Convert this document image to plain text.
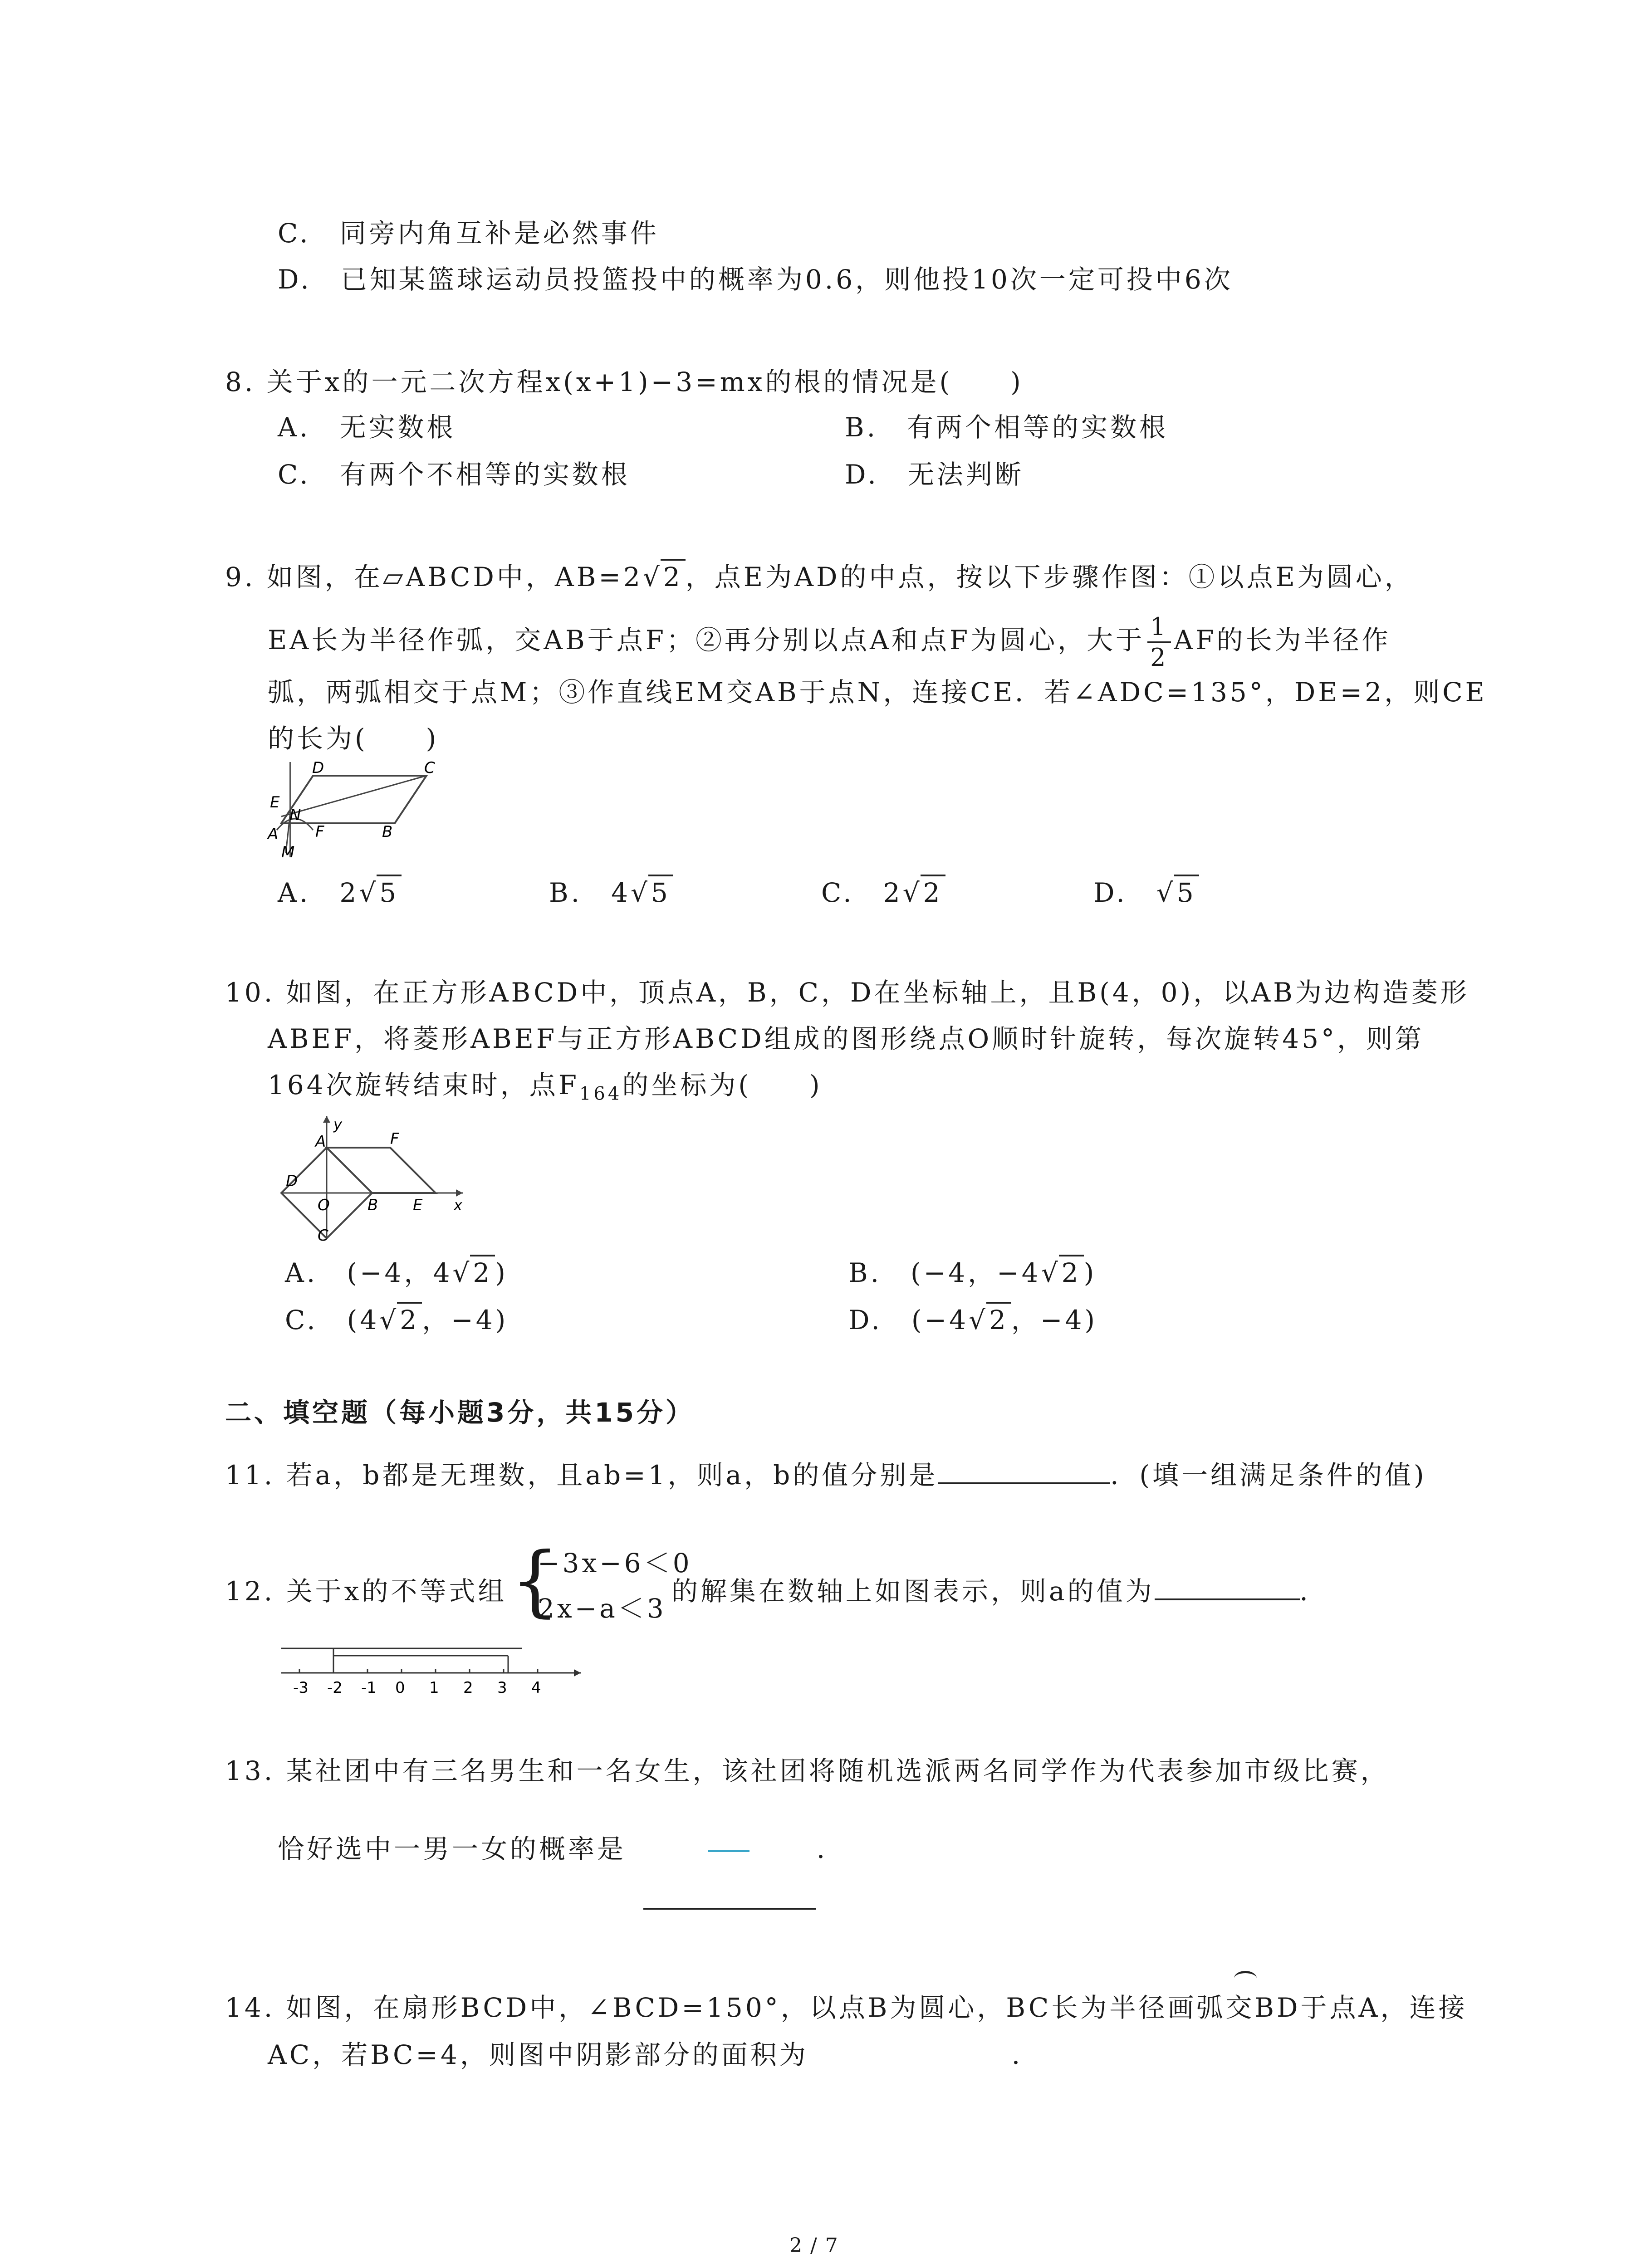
C.　同旁内角互补是必然事件
D.　已知某篮球运动员投篮投中的概率为0.6，则他投10次一定可投中6次
8. 关于x的一元二次方程x(x+1)−3=mx的根的情况是(　　)
A.　无实数根	B.　有两个相等的实数根
C.　有两个不相等的实数根	D.　无法判断
9. 如图，在▱ABCD中，AB=2√2 ，点E为AD的中点，按以下步骤作图：①以点E为圆心，
EA长为半径作弧，交AB于点F；②再分别以点A和点F为圆心，大于 $\frac{1}{2}$ AF的长为半径作
弧，两弧相交于点M；③作直线EM交AB于点N，连接CE．若∠ADC=135°，DE=2，则CE
的长为(　　)
D	C
E
N
A F	B
M
A.　 2√5	B.　 4√5	C.　 2√2	D.　 √5
10. 如图，在正方形ABCD中，顶点A，B，C，D在坐标轴上，且B(4，0)，以AB为边构造菱形
ABEF，将菱形ABEF与正方形ABCD组成的图形绕点O顺时针旋转，每次旋转45°，则第
164次旋转结束时，点$F_{164}$的坐标为(　　)
y
A	F
D
O B E x
C
A.　(−4，4√2 )	B.　(−4，−4√2 )
C.　(4√2 ，−4)	D.　(−4√2 ，−4)
二、填空题（每小题3分，共15分）
11. 若a，b都是无理数，且ab=1，则a，b的值分别是	．(填一组满足条件的值)
12. 关于x的不等式组 {
−3x−6＜0
2x−a＜3
的解集在数轴上如图表示，则a的值为	．
-3 -2 -1 0 1 2 3 4
13. 某社团中有三名男生和一名女生，该社团将随机选派两名同学作为代表参加市级比赛，
恰好选中一男一女的概率是	．
14. 如图，在扇形BCD中，∠BCD=150°，以点B为圆心，BC长为半径画弧交BD于点A，连接
AC，若BC=4，则图中阴影部分的面积为	．
2 / 7
